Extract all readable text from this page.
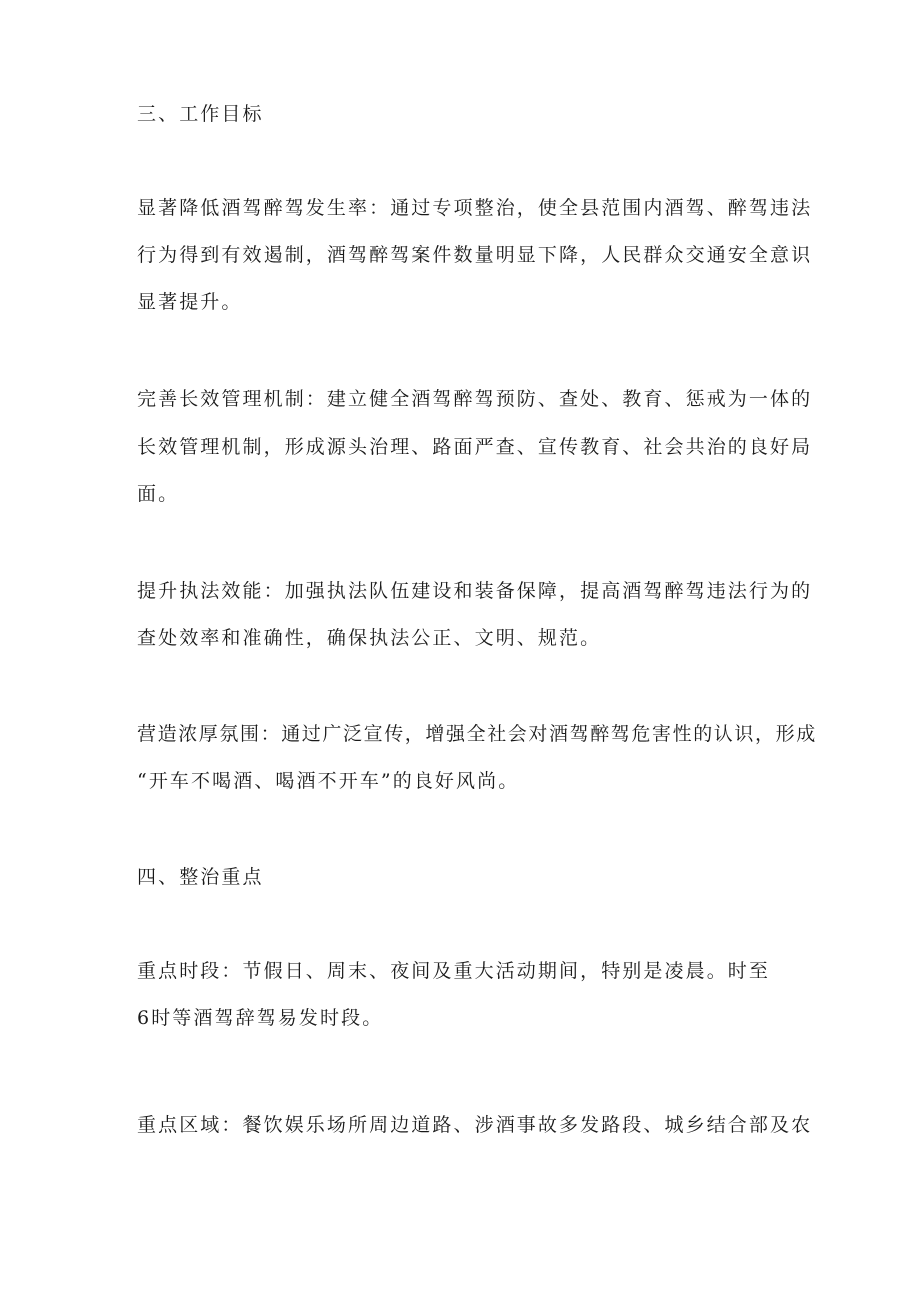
三、工作目标
显著降低酒驾醉驾发生率：通过专项整治，使全县范围内酒驾、醉驾违法
行为得到有效遏制，酒驾醉驾案件数量明显下降，人民群众交通安全意识
显著提升。
完善长效管理机制：建立健全酒驾醉驾预防、查处、教育、惩戒为一体的
长效管理机制，形成源头治理、路面严查、宣传教育、社会共治的良好局
面。
提升执法效能：加强执法队伍建设和装备保障，提高酒驾醉驾违法行为的
查处效率和准确性，确保执法公正、文明、规范。
营造浓厚氛围：通过广泛宣传，增强全社会对酒驾醉驾危害性的认识，形成
“开车不喝酒、喝酒不开车”的良好风尚。
四、整治重点
重点时段：节假日、周末、夜间及重大活动期间，特别是凌晨。时至
6时等酒驾辞驾易发时段。
重点区域：餐饮娱乐场所周边道路、涉酒事故多发路段、城乡结合部及农
